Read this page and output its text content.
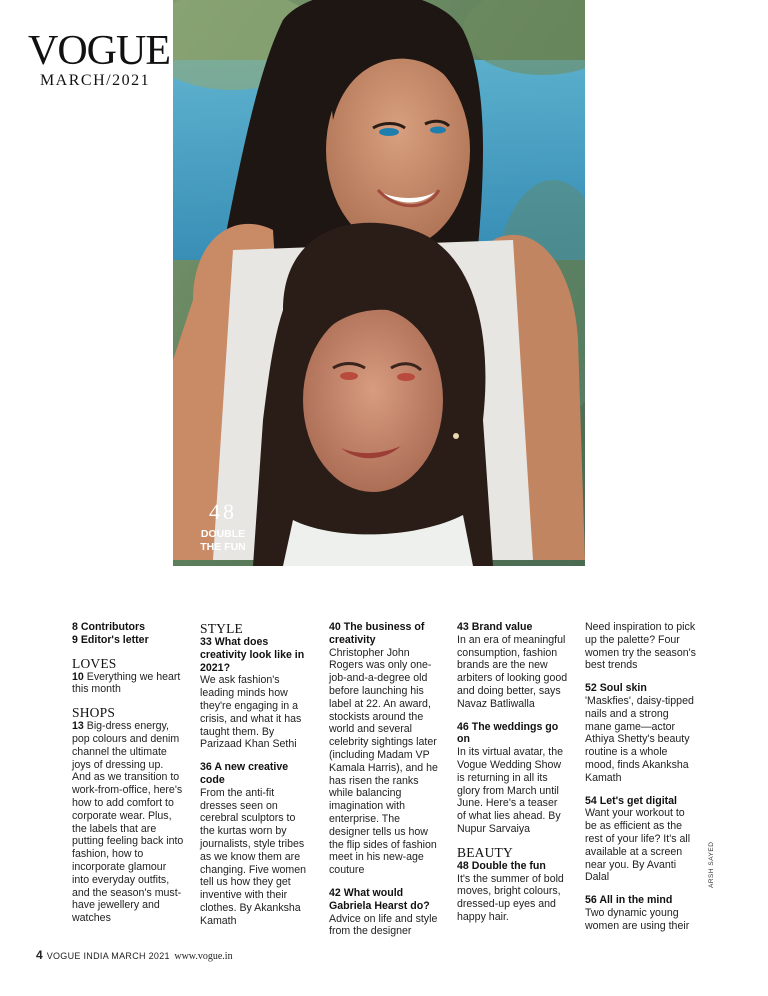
VOGUE
MARCH/2021
48
DOUBLE THE FUN
8 Contributors
9 Editor's letter
LOVES
10 Everything we heart this month
SHOPS
13 Big-dress energy, pop colours and denim channel the ultimate joys of dressing up. And as we transition to work-from-office, here's how to add comfort to corporate wear. Plus, the labels that are putting feeling back into fashion, how to incorporate glamour into everyday outfits, and the season's must-have jewellery and watches
STYLE
33 What does creativity look like in 2021?
We ask fashion's leading minds how they're engaging in a crisis, and what it has taught them. By Parizaad Khan Sethi
36 A new creative code
From the anti-fit dresses seen on cerebral sculptors to the kurtas worn by journalists, style tribes as we know them are changing. Five women tell us how they get inventive with their clothes. By Akanksha Kamath
40 The business of creativity
Christopher John Rogers was only one-job-and-a-degree old before launching his label at 22. An award, stockists around the world and several celebrity sightings later (including Madam VP Kamala Harris), and he has risen the ranks while balancing imagination with enterprise. The designer tells us how the flip sides of fashion meet in his new-age couture
42 What would Gabriela Hearst do?
Advice on life and style from the designer
43 Brand value
In an era of meaningful consumption, fashion brands are the new arbiters of looking good and doing better, says Navaz Batliwalla
46 The weddings go on
In its virtual avatar, the Vogue Wedding Show is returning in all its glory from March until June. Here's a teaser of what lies ahead. By Nupur Sarvaiya
BEAUTY
48 Double the fun
It's the summer of bold moves, bright colours, dressed-up eyes and happy hair.
Need inspiration to pick up the palette? Four women try the season's best trends
52 Soul skin
'Maskfies', daisy-tipped nails and a strong mane game—actor Athiya Shetty's beauty routine is a whole mood, finds Akanksha Kamath
54 Let's get digital
Want your workout to be as efficient as the rest of your life? It's all available at a screen near you. By Avanti Dalal
56 All in the mind
Two dynamic young women are using their
ARSH SAYED
4 VOGUE INDIA MARCH 2021 www.vogue.in
